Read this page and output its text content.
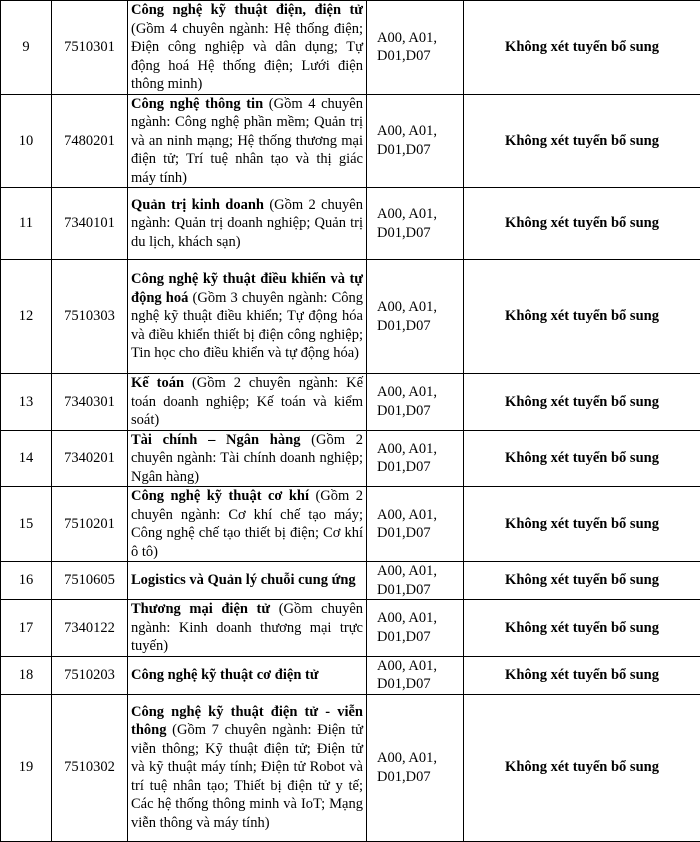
9	7510301	Công nghệ kỹ thuật điện, điện tử (Gồm 4 chuyên ngành: Hệ thống điện; Điện công nghiệp và dân dụng; Tự động hoá Hệ thống điện; Lưới điện thông minh)	A00, A01, D01,D07	Không xét tuyển bổ sung
10	7480201	Công nghệ thông tin (Gồm 4 chuyên ngành: Công nghệ phần mềm; Quản trị và an ninh mạng; Hệ thống thương mại điện tử; Trí tuệ nhân tạo và thị giác máy tính)	A00, A01, D01,D07	Không xét tuyển bổ sung
11	7340101	Quản trị kinh doanh (Gồm 2 chuyên ngành: Quản trị doanh nghiệp; Quản trị du lịch, khách sạn)	A00, A01, D01,D07	Không xét tuyển bổ sung
12	7510303	Công nghệ kỹ thuật điều khiển và tự động hoá (Gồm 3 chuyên ngành: Công nghệ kỹ thuật điều khiển; Tự động hóa và điều khiển thiết bị điện công nghiệp; Tin học cho điều khiển và tự động hóa)	A00, A01, D01,D07	Không xét tuyển bổ sung
13	7340301	Kế toán (Gồm 2 chuyên ngành: Kế toán doanh nghiệp; Kế toán và kiểm soát)	A00, A01, D01,D07	Không xét tuyển bổ sung
14	7340201	Tài chính – Ngân hàng (Gồm 2 chuyên ngành: Tài chính doanh nghiệp; Ngân hàng)	A00, A01, D01,D07	Không xét tuyển bổ sung
15	7510201	Công nghệ kỹ thuật cơ khí (Gồm 2 chuyên ngành: Cơ khí chế tạo máy; Công nghệ chế tạo thiết bị điện; Cơ khí ô tô)	A00, A01, D01,D07	Không xét tuyển bổ sung
16	7510605	Logistics và Quản lý chuỗi cung ứng	A00, A01, D01,D07	Không xét tuyển bổ sung
17	7340122	Thương mại điện tử (Gồm chuyên ngành: Kinh doanh thương mại trực tuyến)	A00, A01, D01,D07	Không xét tuyển bổ sung
18	7510203	Công nghệ kỹ thuật cơ điện tử	A00, A01, D01,D07	Không xét tuyển bổ sung
19	7510302	Công nghệ kỹ thuật điện tử - viễn thông (Gồm 7 chuyên ngành: Điện tử viễn thông; Kỹ thuật điện tử; Điện tử và kỹ thuật máy tính; Điện tử Robot và trí tuệ nhân tạo; Thiết bị điện tử y tế; Các hệ thống thông minh và IoT; Mạng viễn thông và máy tính)	A00, A01, D01,D07	Không xét tuyển bổ sung
